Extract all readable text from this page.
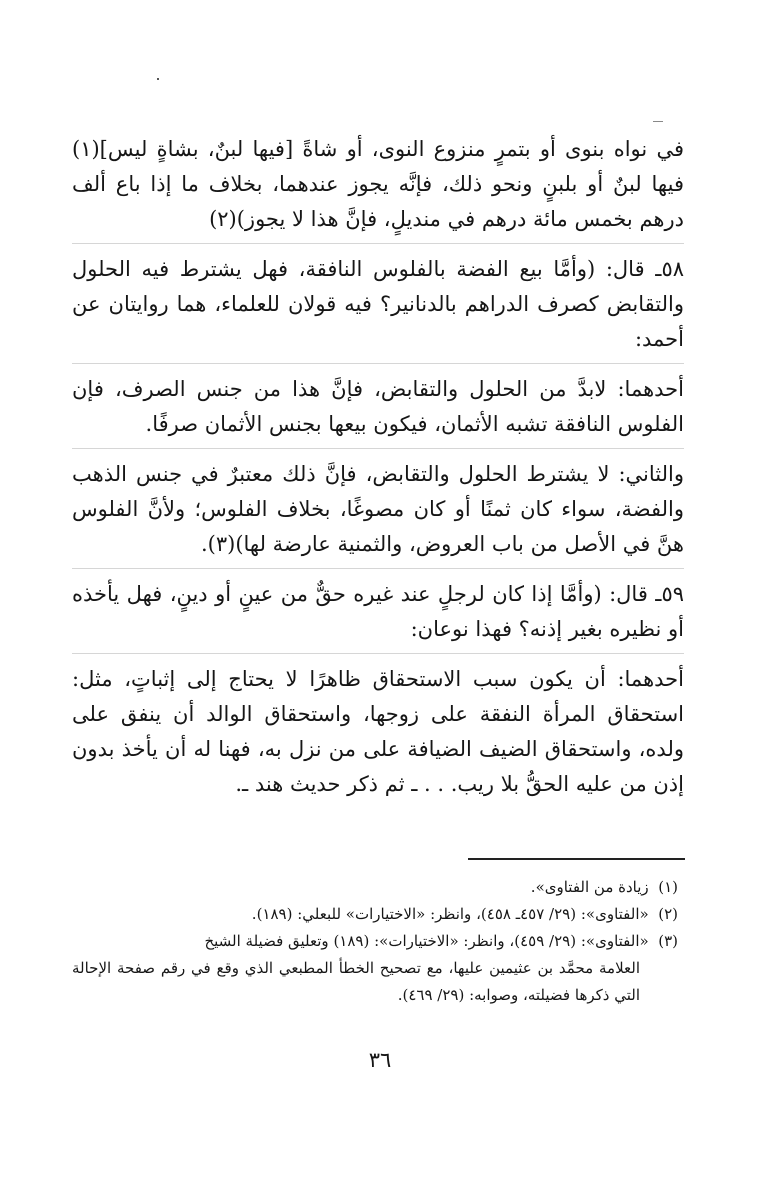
في نواه بنوى أو بتمرٍ منزوع النوى، أو شاةً [فيها لبنٌ، بشاةٍ ليس](١) فيها لبنٌ أو بلبنٍ ونحو ذلك، فإنَّه يجوز عندهما، بخلاف ما إذا باع ألف درهم بخمس مائة درهم في منديلٍ، فإنَّ هذا لا يجوز)(٢)

٥٨ـ قال: (وأمَّا بيع الفضة بالفلوس النافقة، فهل يشترط فيه الحلول والتقابض كصرف الدراهم بالدنانير؟ فيه قولان للعلماء، هما روايتان عن أحمد:

أحدهما: لابدَّ من الحلول والتقابض، فإنَّ هذا من جنس الصرف، فإن الفلوس النافقة تشبه الأثمان، فيكون بيعها بجنس الأثمان صرفًا.

والثاني: لا يشترط الحلول والتقابض، فإنَّ ذلك معتبرٌ في جنس الذهب والفضة، سواء كان ثمنًا أو كان مصوغًا، بخلاف الفلوس؛ ولأنَّ الفلوس هنَّ في الأصل من باب العروض، والثمنية عارضة لها)(٣).

٥٩ـ قال: (وأمَّا إذا كان لرجلٍ عند غيره حقٌّ من عينٍ أو دينٍ، فهل يأخذه أو نظيره بغير إذنه؟ فهذا نوعان:

أحدهما: أن يكون سبب الاستحقاق ظاهرًا لا يحتاج إلى إثباتٍ، مثل: استحقاق المرأة النفقة على زوجها، واستحقاق الوالد أن ينفق على ولده، واستحقاق الضيف الضيافة على من نزل به، فهنا له أن يأخذ بدون إذن من عليه الحقُّ بلا ريب. . . ـ ثم ذكر حديث هند ـ.

(١)  زيادة من الفتاوى».

(٢)  «الفتاوى»: (٢٩/ ٤٥٧ـ ٤٥٨)، وانظر: «الاختيارات» للبعلي: (١٨٩).

(٣)  «الفتاوى»: (٢٩/ ٤٥٩)، وانظر: «الاختيارات»: (١٨٩) وتعليق فضيلة الشيخ

العلامة محمَّد بن عثيمين عليها، مع تصحيح الخطأ المطبعي الذي وقع في رقم صفحة الإحالة التي ذكرها فضيلته، وصوابه: (٢٩/ ٤٦٩).

٣٦
